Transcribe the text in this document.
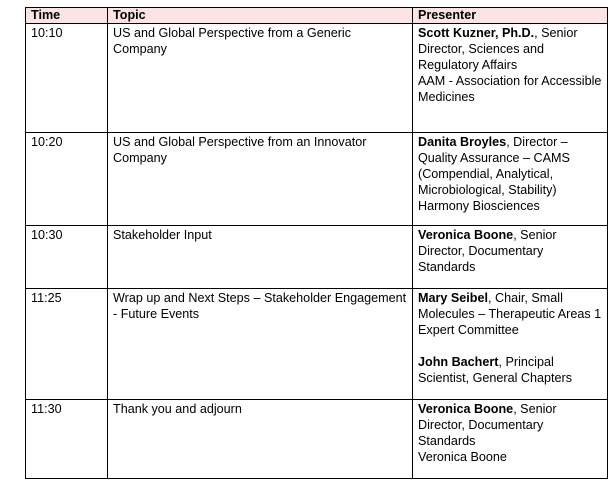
Time	Topic	Presenter
10:10	US and Global Perspective from a Generic Company	Scott Kuzner, Ph.D., Senior Director, Sciences and Regulatory Affairs
AAM - Association for Accessible Medicines

10:20	US and Global Perspective from an Innovator Company	Danita Broyles, Director – Quality Assurance – CAMS (Compendial, Analytical, Microbiological, Stability)
Harmony Biosciences

10:30	Stakeholder Input	Veronica Boone, Senior Director, Documentary Standards

11:25	Wrap up and Next Steps – Stakeholder Engagement - Future Events	Mary Seibel, Chair, Small Molecules – Therapeutic Areas 1 Expert Committee
John Bachert, Principal Scientist, General Chapters

11:30	Thank you and adjourn	Veronica Boone, Senior Director, Documentary Standards
Veronica Boone
